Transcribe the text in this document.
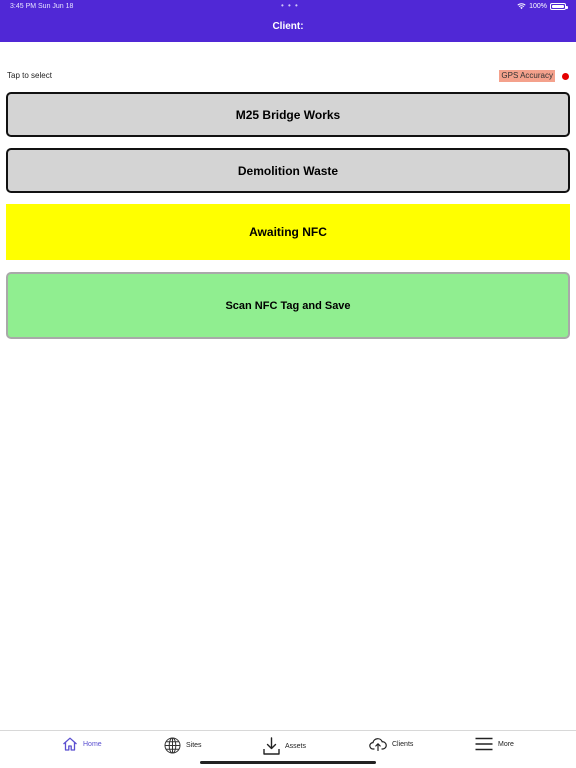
3:45 PM Sun Jun 18	• • •	100%
Client:
Tap to select	GPS Accuracy
M25 Bridge Works
Demolition Waste
Awaiting NFC
Scan NFC Tag and Save
Home	Sites	Assets	Clients	More
